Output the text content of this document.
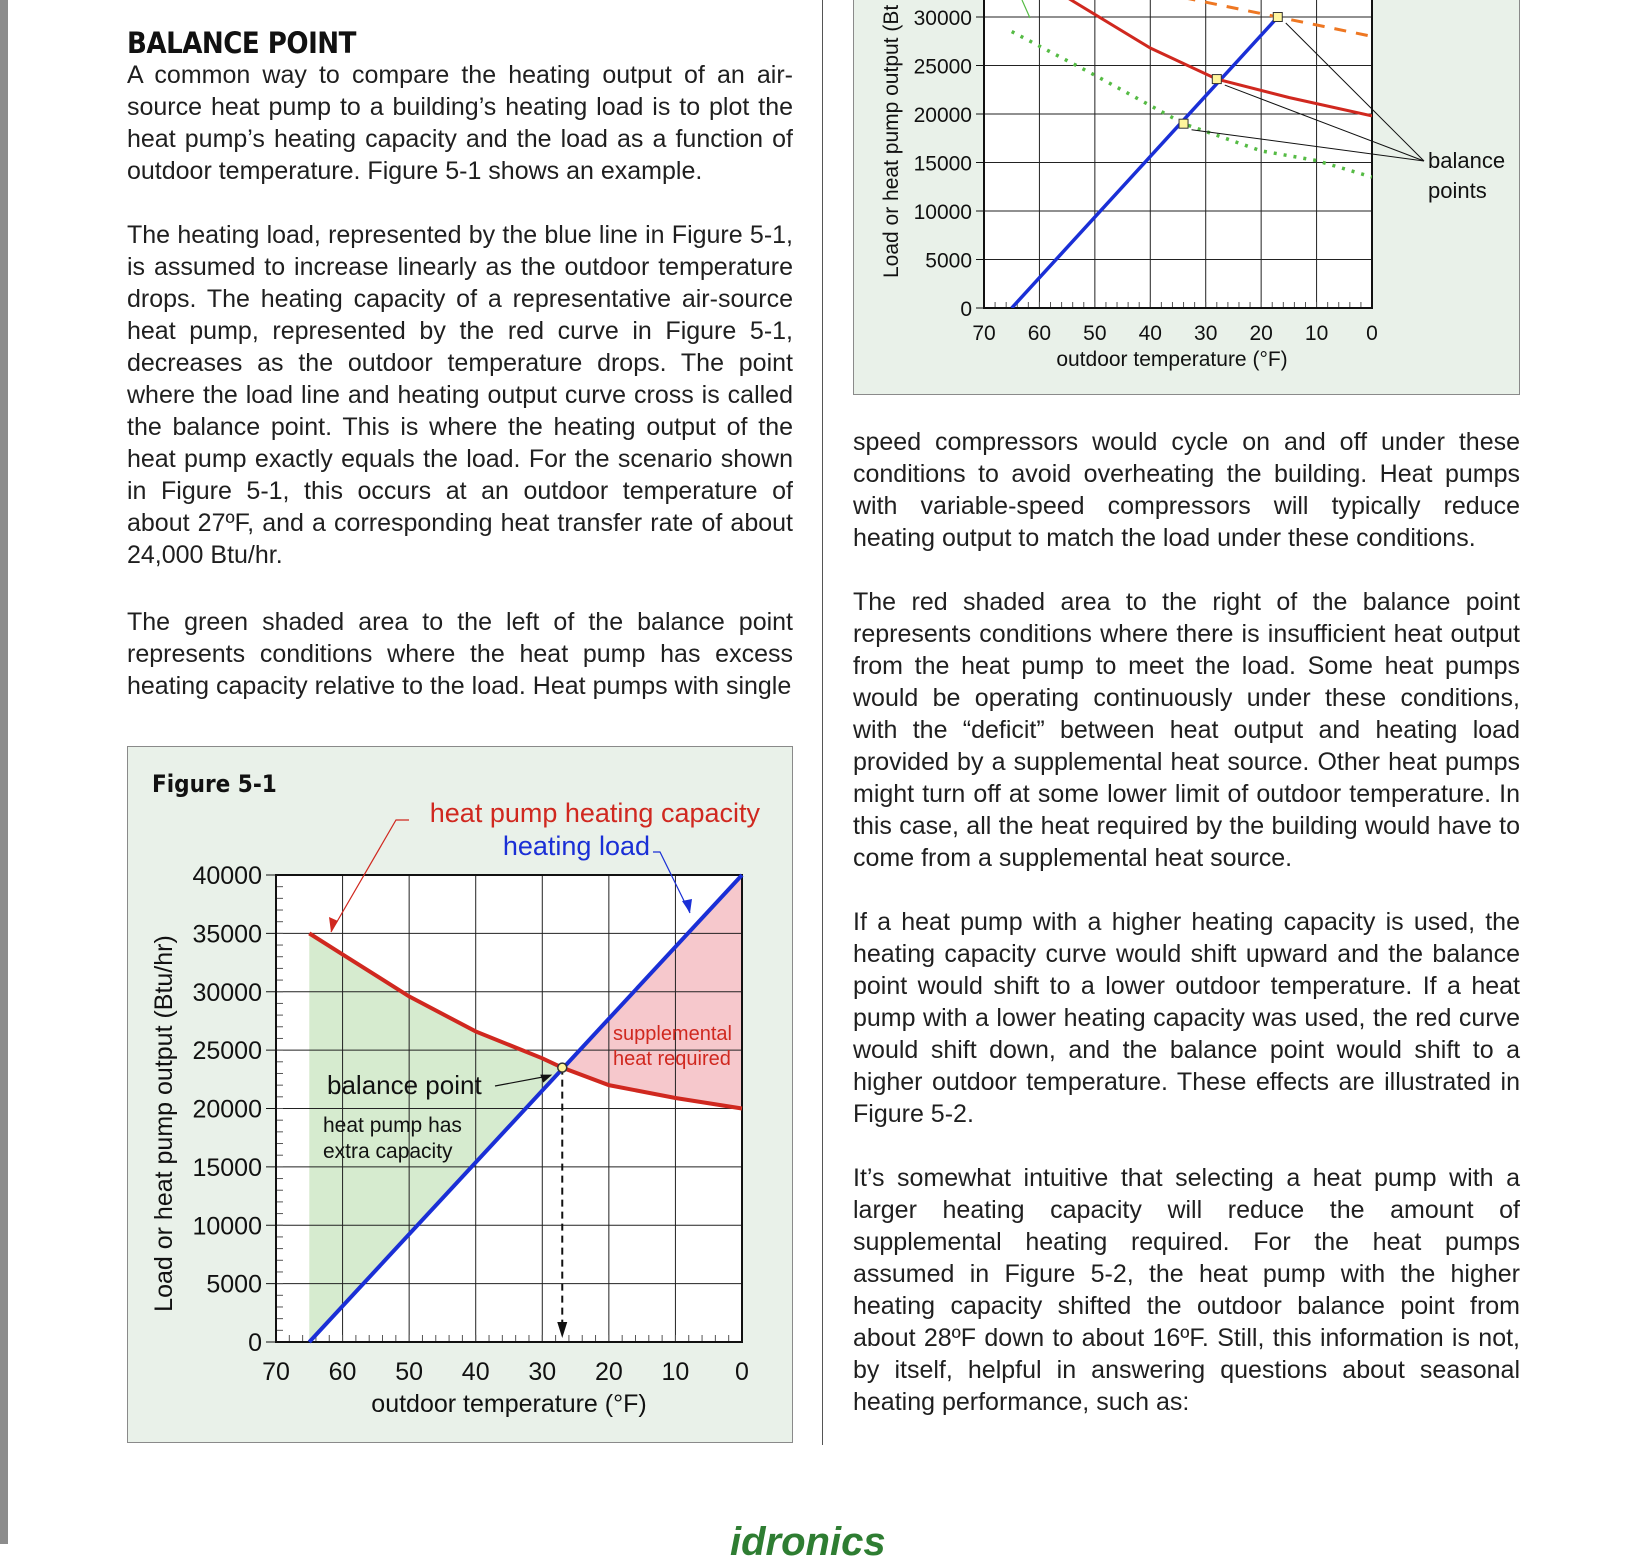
BALANCE POINT

A common way to compare the heating output of an air-source heat pump to a building’s heating load is to plot the heat pump’s heating capacity and the load as a function of outdoor temperature. Figure 5-1 shows an example.

The heating load, represented by the blue line in Figure 5-1, is assumed to increase linearly as the outdoor temperature drops. The heating capacity of a representative air-source heat pump, represented by the red curve in Figure 5-1, decreases as the outdoor temperature drops. The point where the load line and heating output curve cross is called the balance point. This is where the heating output of the heat pump exactly equals the load. For the scenario shown in Figure 5-1, this occurs at an outdoor temperature of about 27ºF, and a corresponding heat transfer rate of about 24,000 Btu/hr.

The green shaded area to the left of the balance point represents conditions where the heat pump has excess heating capacity relative to the load. Heat pumps with single

speed compressors would cycle on and off under these conditions to avoid overheating the building. Heat pumps with variable-speed compressors will typically reduce heating output to match the load under these conditions.

The red shaded area to the right of the balance point represents conditions where there is insufficient heat output from the heat pump to meet the load. Some heat pumps would be operating continuously under these conditions, with the “deficit” between heat output and heating load provided by a supplemental heat source. Other heat pumps might turn off at some lower limit of outdoor temperature. In this case, all the heat required by the building would have to come from a supplemental heat source.

If a heat pump with a higher heating capacity is used, the heating capacity curve would shift upward and the balance point would shift to a lower outdoor temperature. If a heat pump with a lower heating capacity was used, the red curve would shift down, and the balance point would shift to a higher outdoor temperature. These effects are illustrated in Figure 5-2.

It’s somewhat intuitive that selecting a heat pump with a larger heating capacity will reduce the amount of supplemental heating required. For the heat pumps assumed in Figure 5-2, the heat pump with the higher heating capacity shifted the outdoor balance point from about 28ºF down to about 16ºF. Still, this information is not, by itself, helpful in answering questions about seasonal heating performance, such as:

Figure 5-1
70 60 50 40 30 20 10 0
0
5000
10000
15000
20000
25000
30000
35000
40000
outdoor temperature (°F)
Load or heat pump output (Btu/hr)
heat pump heating capacity
heating load
balance point
heat pump has
extra capacity
supplemental
heat required
70 60 50 40 30 20 10 0
0
5000
10000
15000
20000
25000
30000
outdoor temperature (°F)
Load or heat pump output (Bt	balance
points
idronics
